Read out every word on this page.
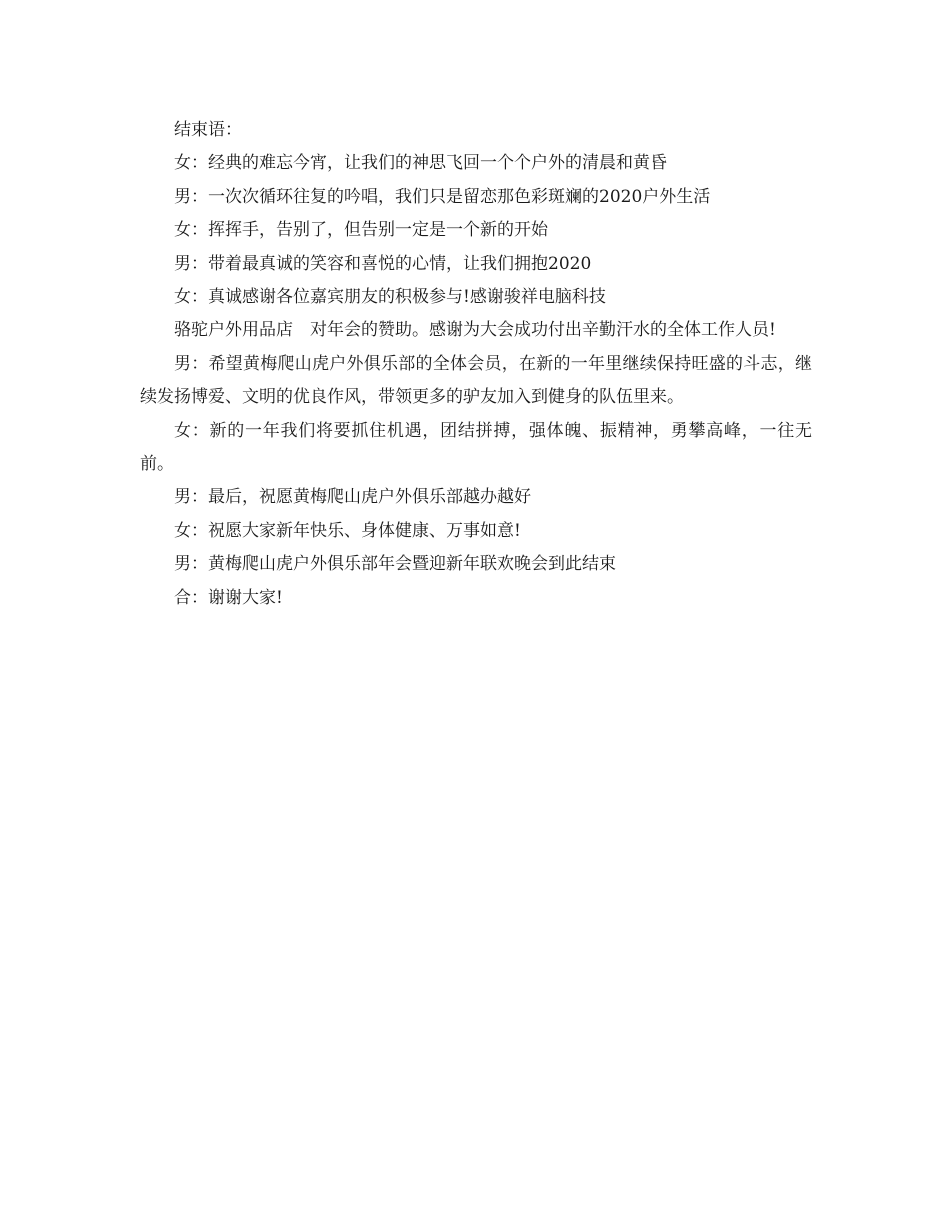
结束语：

女：经典的难忘今宵，让我们的神思飞回一个个户外的清晨和黄昏

男：一次次循环往复的吟唱，我们只是留恋那色彩斑斓的2020户外生活

女：挥挥手，告别了，但告别一定是一个新的开始

男：带着最真诚的笑容和喜悦的心情，让我们拥抱2020

女：真诚感谢各位嘉宾朋友的积极参与!感谢骏祥电脑科技

骆驼户外用品店　对年会的赞助。感谢为大会成功付出辛勤汗水的全体工作人员!

男：希望黄梅爬山虎户外俱乐部的全体会员，在新的一年里继续保持旺盛的斗志，继续发扬博爱、文明的优良作风，带领更多的驴友加入到健身的队伍里来。

女：新的一年我们将要抓住机遇，团结拼搏，强体魄、振精神，勇攀高峰，一往无前。

男：最后，祝愿黄梅爬山虎户外俱乐部越办越好

女：祝愿大家新年快乐、身体健康、万事如意!

男：黄梅爬山虎户外俱乐部年会暨迎新年联欢晚会到此结束

合：谢谢大家!
